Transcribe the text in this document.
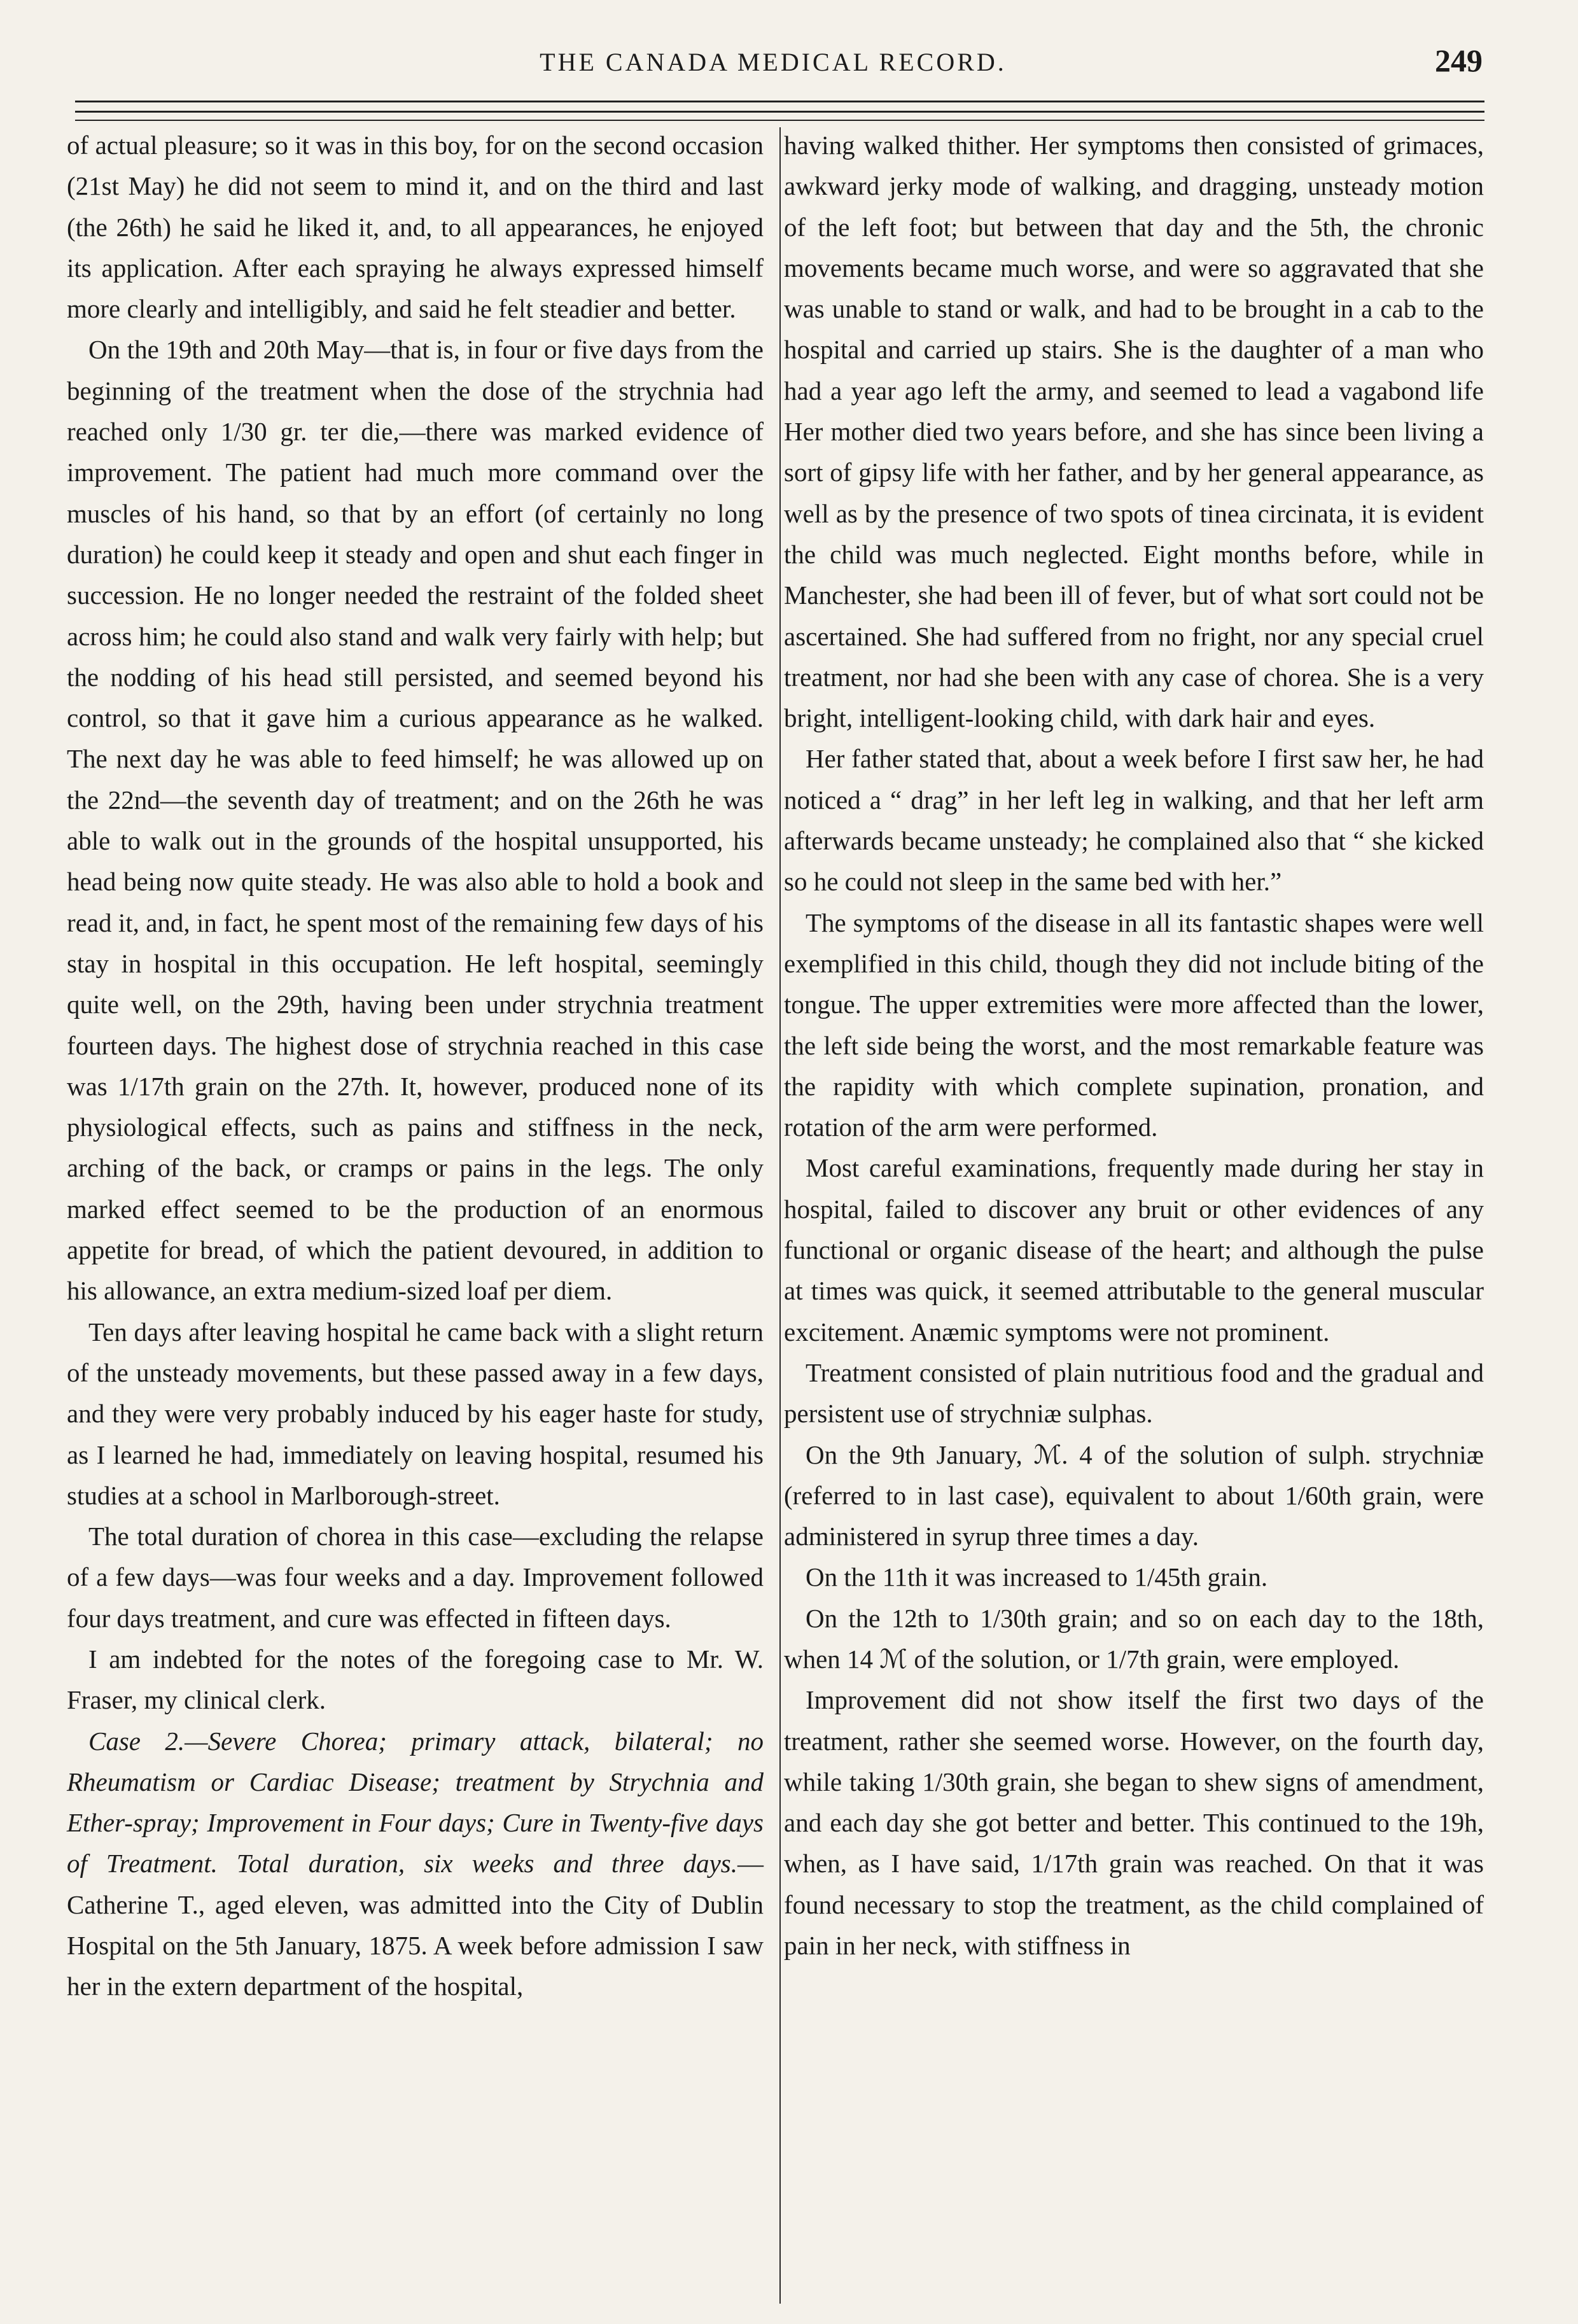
THE CANADA MEDICAL RECORD.	249

of actual pleasure; so it was in this boy, for on the second occasion (21st May) he did not seem to mind it, and on the third and last (the 26th) he said he liked it, and, to all appearances, he enjoyed its application. After each spraying he always expressed himself more clearly and intelligibly, and said he felt steadier and better.

On the 19th and 20th May—that is, in four or five days from the beginning of the treatment when the dose of the strychnia had reached only 1/30 gr. ter die,—there was marked evidence of improvement. The patient had much more command over the muscles of his hand, so that by an effort (of certainly no long duration) he could keep it steady and open and shut each finger in succession. He no longer needed the restraint of the folded sheet across him; he could also stand and walk very fairly with help; but the nodding of his head still persisted, and seemed beyond his control, so that it gave him a curious appearance as he walked. The next day he was able to feed himself; he was allowed up on the 22nd—the seventh day of treatment; and on the 26th he was able to walk out in the grounds of the hospital unsupported, his head being now quite steady. He was also able to hold a book and read it, and, in fact, he spent most of the remaining few days of his stay in hospital in this occupation. He left hospital, seemingly quite well, on the 29th, having been under strychnia treatment fourteen days. The highest dose of strychnia reached in this case was 1/17th grain on the 27th. It, however, produced none of its physiological effects, such as pains and stiffness in the neck, arching of the back, or cramps or pains in the legs. The only marked effect seemed to be the production of an enormous appetite for bread, of which the patient devoured, in addition to his allowance, an extra medium-sized loaf per diem.

Ten days after leaving hospital he came back with a slight return of the unsteady movements, but these passed away in a few days, and they were very probably induced by his eager haste for study, as I learned he had, immediately on leaving hospital, resumed his studies at a school in Marlborough-street.

The total duration of chorea in this case—excluding the relapse of a few days—was four weeks and a day. Improvement followed four days treatment, and cure was effected in fifteen days.

I am indebted for the notes of the foregoing case to Mr. W. Fraser, my clinical clerk.

Case 2.—Severe Chorea; primary attack, bilateral; no Rheumatism or Cardiac Disease; treatment by Strychnia and Ether-spray; Improvement in Four days; Cure in Twenty-five days of Treatment. Total duration, six weeks and three days.—Catherine T., aged eleven, was admitted into the City of Dublin Hospital on the 5th January, 1875. A week before admission I saw her in the extern department of the hospital,

having walked thither. Her symptoms then consisted of grimaces, awkward jerky mode of walking, and dragging, unsteady motion of the left foot; but between that day and the 5th, the chronic movements became much worse, and were so aggravated that she was unable to stand or walk, and had to be brought in a cab to the hospital and carried up stairs. She is the daughter of a man who had a year ago left the army, and seemed to lead a vagabond life Her mother died two years before, and she has since been living a sort of gipsy life with her father, and by her general appearance, as well as by the presence of two spots of tinea circinata, it is evident the child was much neglected. Eight months before, while in Manchester, she had been ill of fever, but of what sort could not be ascertained. She had suffered from no fright, nor any special cruel treatment, nor had she been with any case of chorea. She is a very bright, intelligent-looking child, with dark hair and eyes.

Her father stated that, about a week before I first saw her, he had noticed a “ drag” in her left leg in walking, and that her left arm afterwards became unsteady; he complained also that “ she kicked so he could not sleep in the same bed with her.”

The symptoms of the disease in all its fantastic shapes were well exemplified in this child, though they did not include biting of the tongue. The upper extremities were more affected than the lower, the left side being the worst, and the most remarkable feature was the rapidity with which complete supination, pronation, and rotation of the arm were performed.

Most careful examinations, frequently made during her stay in hospital, failed to discover any bruit or other evidences of any functional or organic disease of the heart; and although the pulse at times was quick, it seemed attributable to the general muscular excitement. Anæmic symptoms were not prominent.

Treatment consisted of plain nutritious food and the gradual and persistent use of strychniæ sulphas.

On the 9th January, ℳ. 4 of the solution of sulph. strychniæ (referred to in last case), equivalent to about 1/60th grain, were administered in syrup three times a day.

On the 11th it was increased to 1/45th grain.

On the 12th to 1/30th grain; and so on each day to the 18th, when 14 ℳ of the solution, or 1/7th grain, were employed.

Improvement did not show itself the first two days of the treatment, rather she seemed worse. However, on the fourth day, while taking 1/30th grain, she began to shew signs of amendment, and each day she got better and better. This continued to the 19h, when, as I have said, 1/17th grain was reached. On that it was found necessary to stop the treatment, as the child complained of pain in her neck, with stiffness in
